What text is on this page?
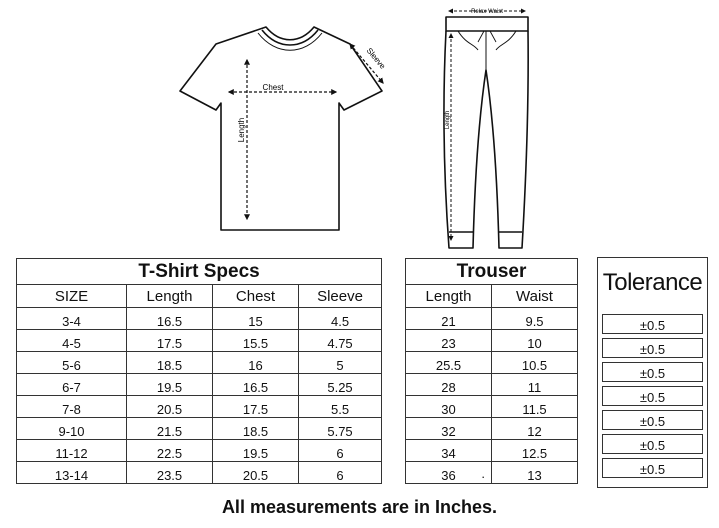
Chest
Length
Sleeve
Relax Waist
Length
T-Shirt Specs			
SIZE	Length	Chest	Sleeve
3-4	16.5	15	4.5
4-5	17.5	15.5	4.75
5-6	18.5	16	5
6-7	19.5	16.5	5.25
7-8	20.5	17.5	5.5
9-10	21.5	18.5	5.75
11-12	22.5	19.5	6
13-14	23.5	20.5	6
Trouser	
Length	Waist
21	9.5
23	10
25.5	10.5
28	11
30	11.5
32	12
34	12.5
36 .	13
Tolerance
±0.5
±0.5
±0.5
±0.5
±0.5
±0.5
±0.5
All measurements are in Inches.
